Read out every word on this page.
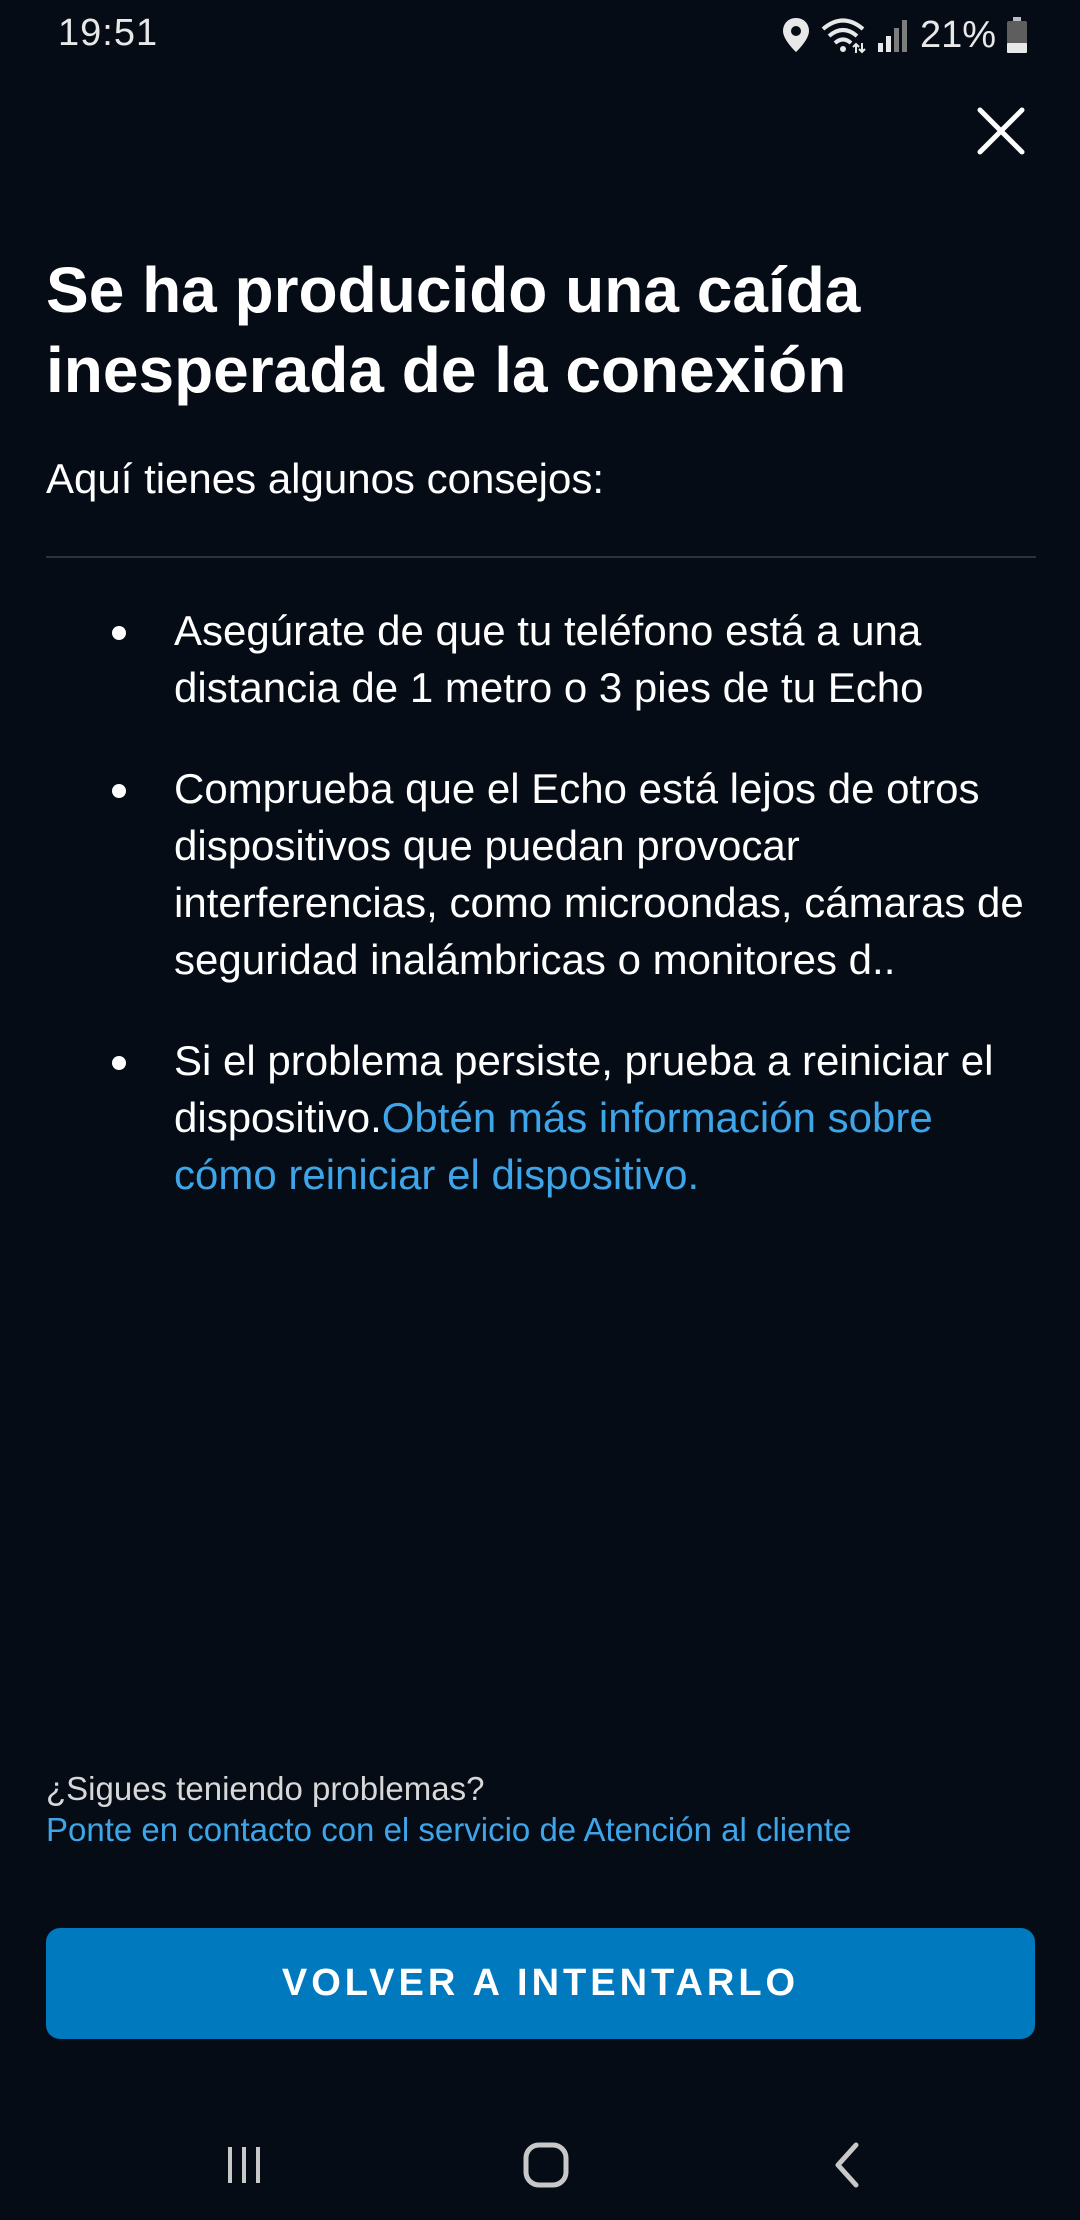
19:51	21%
Se ha producido una caída inesperada de la conexión
Aquí tienes algunos consejos:
Asegúrate de que tu teléfono está a una distancia de 1 metro o 3 pies de tu Echo
Comprueba que el Echo está lejos de otros dispositivos que puedan provocar interferencias, como microondas, cámaras de seguridad inalámbricas o monitores d..
Si el problema persiste, prueba a reiniciar el dispositivo.Obtén más información sobre cómo reiniciar el dispositivo.
¿Sigues teniendo problemas?
Ponte en contacto con el servicio de Atención al cliente
VOLVER A INTENTARLO
